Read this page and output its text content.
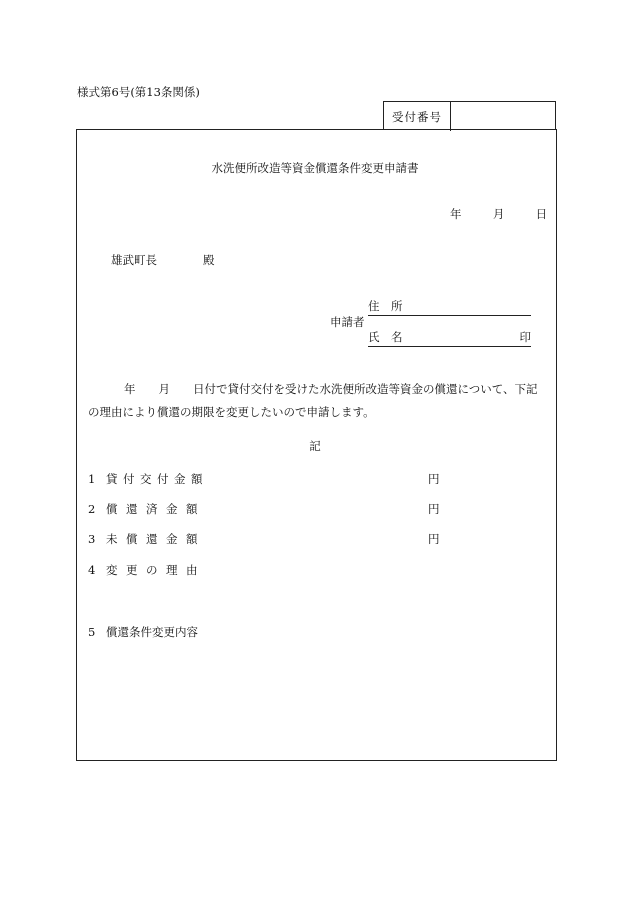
様式第6号(第13条関係)
受付番号
水洗便所改造等資金償還条件変更申請書
年	月	日
雄武町長　　　　殿
住　所
申請者
氏　名	印
年　　月　　日付で貸付交付を受けた水洗便所改造等資金の償還について、下記の理由により償還の期限を変更したいので申請します。
記
1 貸付交付金額	円
2 償還済金額	円
3 未償還金額	円
4 変更の理由
5 償還条件変更内容
